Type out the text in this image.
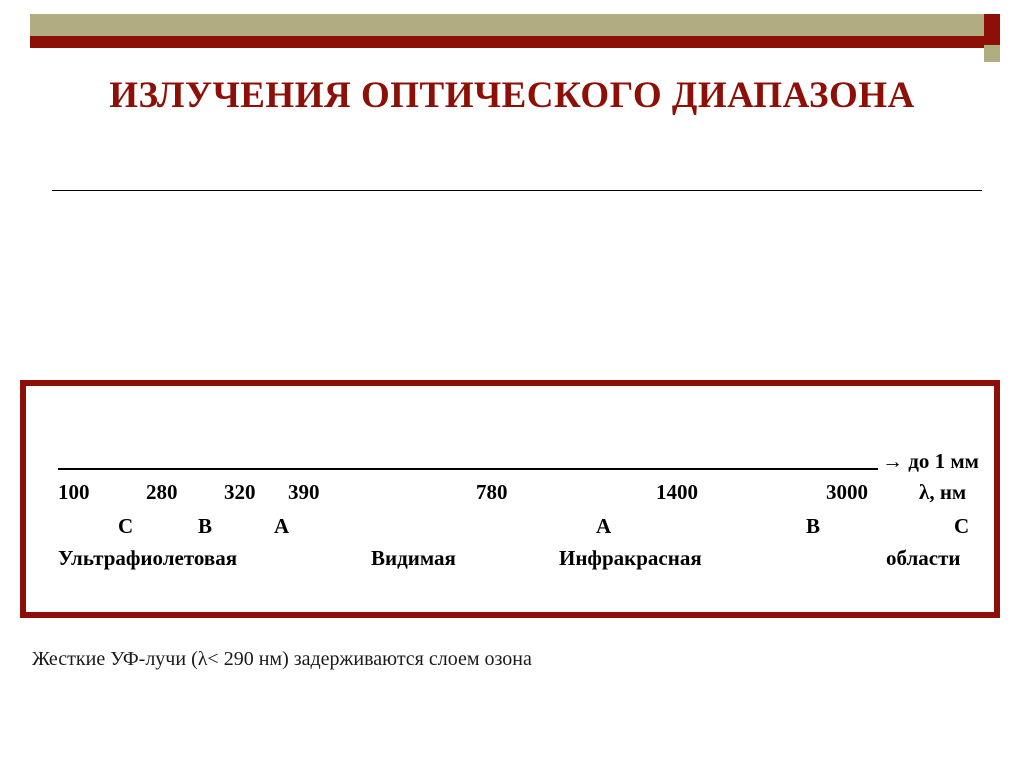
ИЗЛУЧЕНИЯ ОПТИЧЕСКОГО ДИАПАЗОНА
→ до 1 мм
100	280 320 390	780	1400	3000 λ, нм
C	B	A	A	B	C
Ультрафиолетовая	Видимая	Инфракрасная	области
Жесткие УФ-лучи (λ< 290 нм) задерживаются слоем озона
